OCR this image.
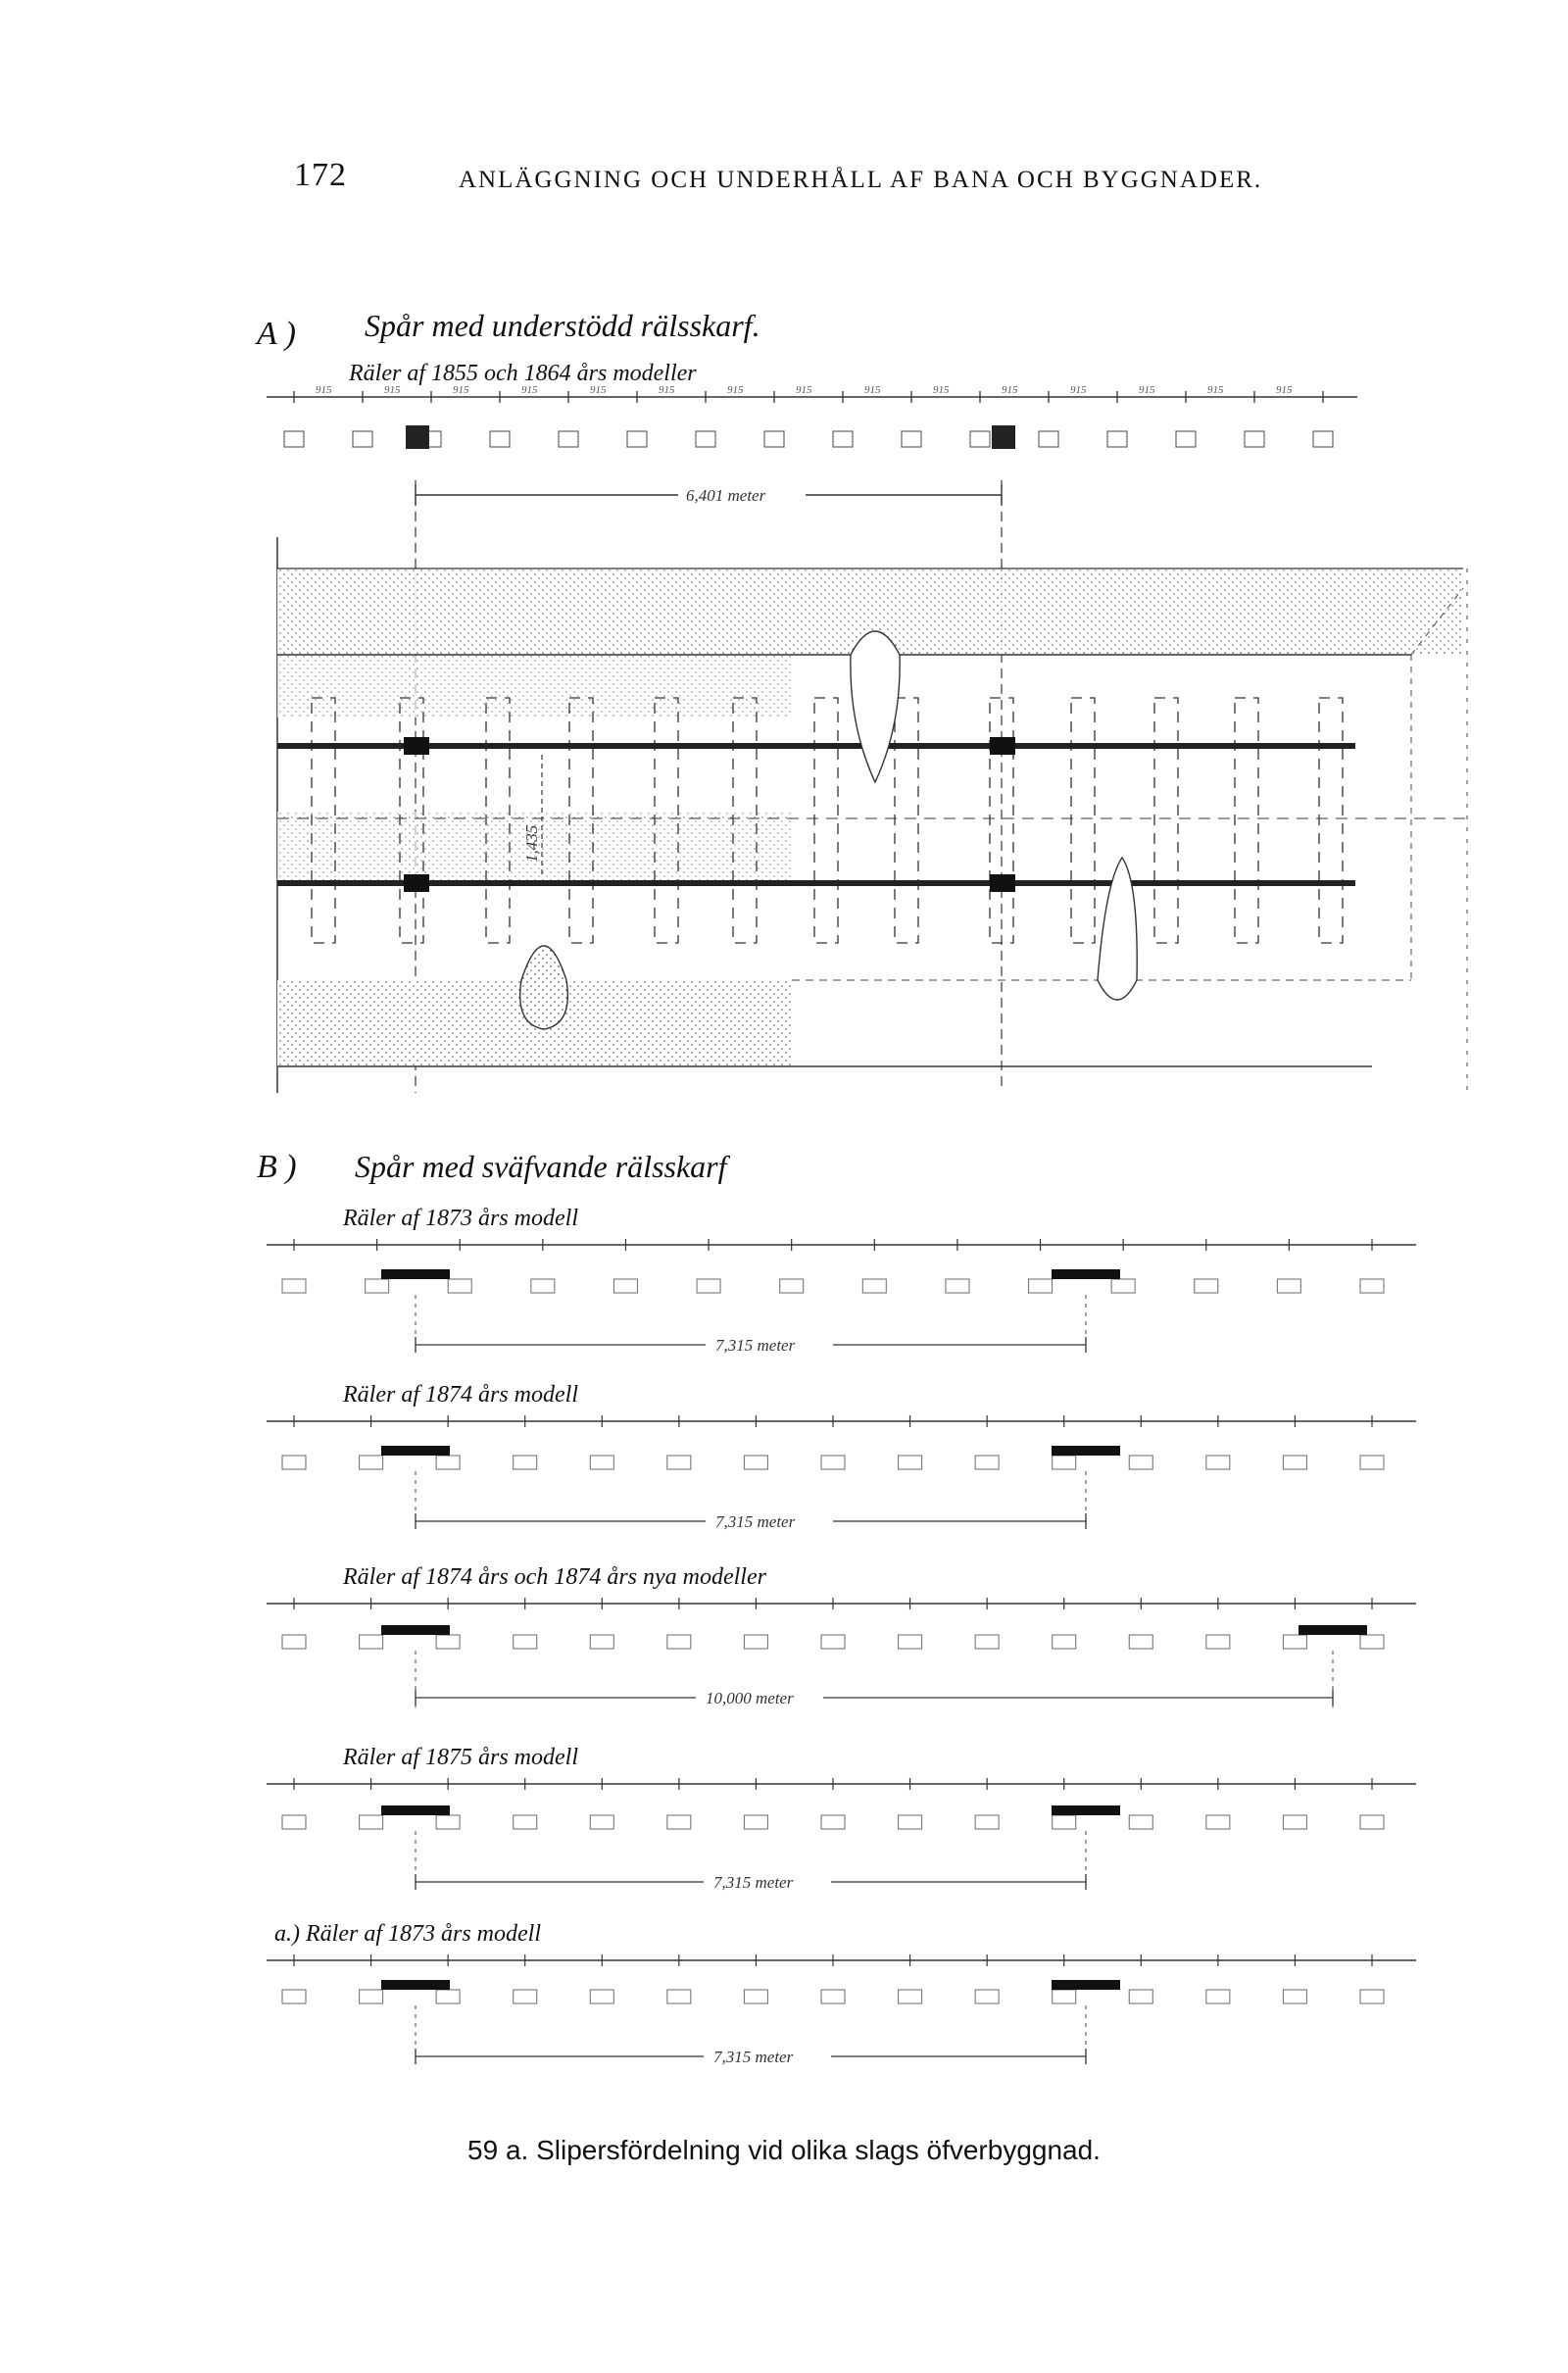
172	ANLÄGGNING OCH UNDERHÅLL AF BANA OCH BYGGNADER.
A ) Spår med understödd rälsskarf.
Räler af 1855 och 1864 års modeller
B ) Spår med sväfvande rälsskarf
Räler af 1873 års modell
Räler af 1874 års modell
Räler af 1874 års och 1874 års nya modeller
Räler af 1875 års modell
a.) Räler af 1873 års modell
59 a. Slipersfördelning vid olika slags öfverbyggnad.
915	915	915	915	915	915	915	915	915	915	915	915	915	915	915
6,401 meter
1,435
7,315 meter
7,315 meter
10,000 meter
7,315 meter
7,315 meter
